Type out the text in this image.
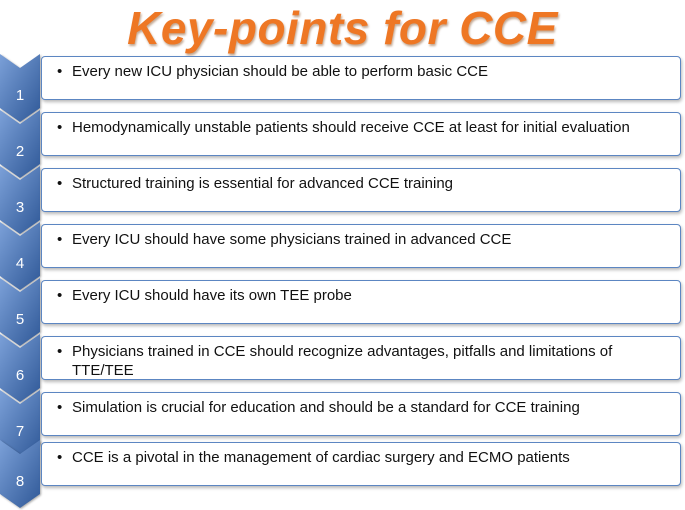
Key-points for CCE
1
• Every new ICU physician should be able to perform basic CCE
2
• Hemodynamically unstable patients should receive CCE at least for initial evaluation
3
• Structured training is essential for advanced CCE training
4
• Every ICU should have some physicians trained in advanced CCE
5
• Every ICU should have its own TEE probe
6
• Physicians trained in CCE should recognize advantages, pitfalls and limitations of TTE/TEE
7
• Simulation is crucial for education and should be a standard for CCE training
8
• CCE is a pivotal in the management of cardiac surgery and ECMO patients
